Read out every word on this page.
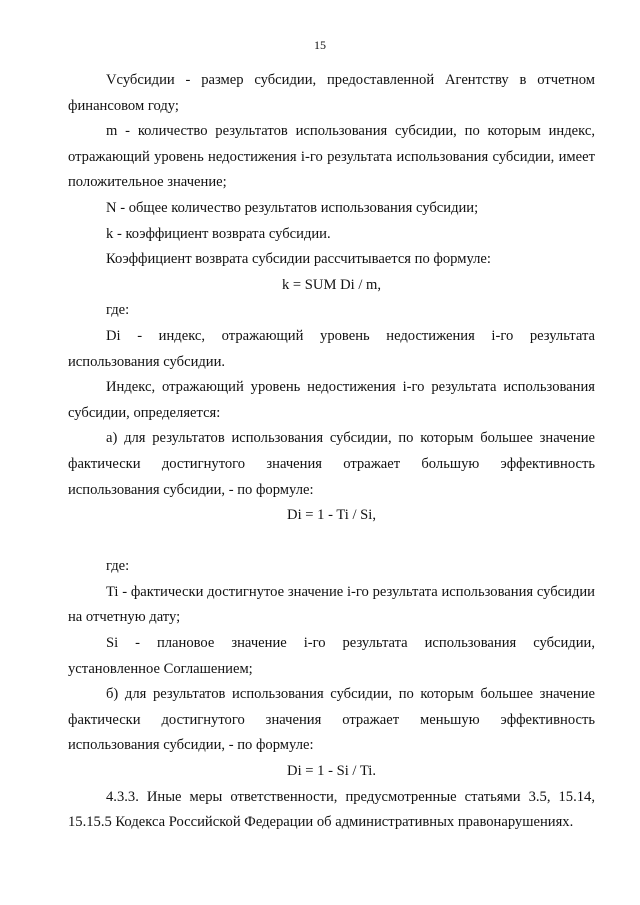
15

Vсубсидии - размер субсидии, предоставленной Агентству в отчетном финансовом году;

m - количество результатов использования субсидии, по которым индекс, отражающий уровень недостижения i-го результата использования субсидии, имеет положительное значение;

N - общее количество результатов использования субсидии;

k - коэффициент возврата субсидии.

Коэффициент возврата субсидии рассчитывается по формуле:

k = SUM Di / m,

где:

Di - индекс, отражающий уровень недостижения i-го результата использования субсидии.

Индекс, отражающий уровень недостижения i-го результата использования субсидии, определяется:

а) для результатов использования субсидии, по которым большее значение фактически достигнутого значения отражает большую эффективность использования субсидии, - по формуле:

Di = 1 - Ti / Si,

где:

Ti - фактически достигнутое значение i-го результата использования субсидии на отчетную дату;

Si - плановое значение i-го результата использования субсидии, установленное Соглашением;

б) для результатов использования субсидии, по которым большее значение фактически достигнутого значения отражает меньшую эффективность использования субсидии, - по формуле:

Di = 1 - Si / Ti.

4.3.3. Иные меры ответственности, предусмотренные статьями 3.5, 15.14, 15.15.5 Кодекса Российской Федерации об административных правонарушениях.
